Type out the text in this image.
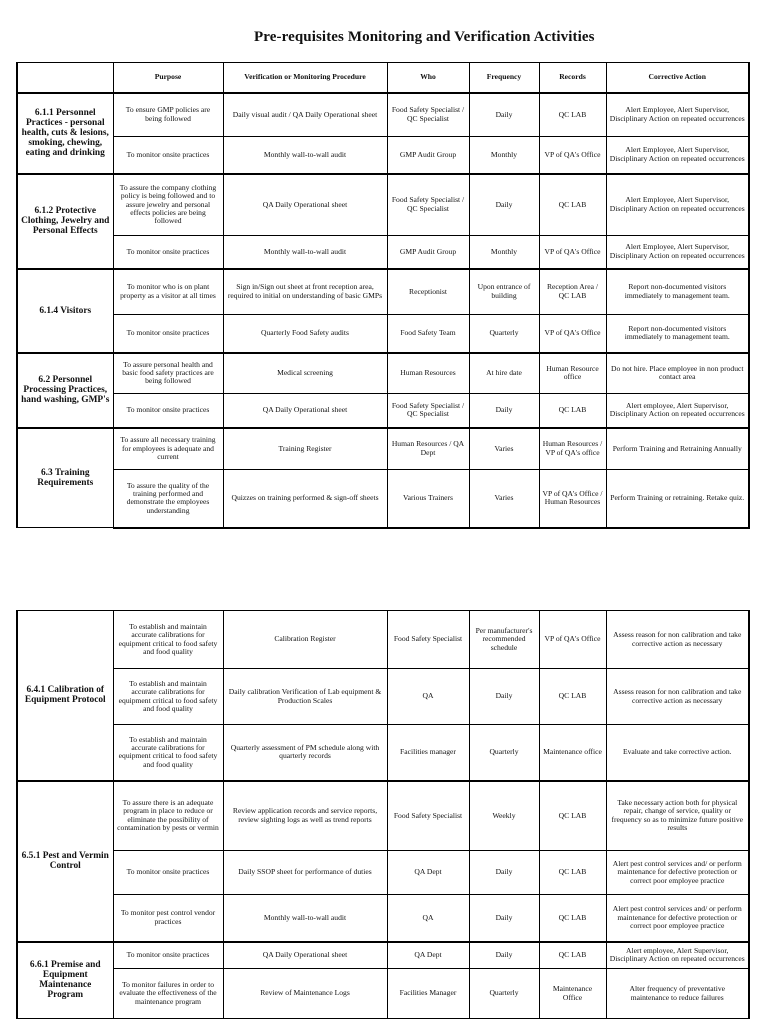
Pre-requisites Monitoring and Verification Activities
	Purpose	Verification or Monitoring Procedure	Who	Frequency	Records	Corrective Action
6.1.1 Personnel Practices - personal health, cuts & lesions, smoking, chewing, eating and drinking	To ensure GMP policies are being followed	Daily visual audit / QA Daily Operational sheet	Food Safety Specialist / QC Specialist	Daily	QC LAB	Alert Employee, Alert Supervisor, Disciplinary Action on repeated occurrences
	To monitor onsite practices	Monthly wall-to-wall audit	GMP Audit Group	Monthly	VP of QA's Office	Alert Employee, Alert Supervisor, Disciplinary Action on repeated occurrences
6.1.2 Protective Clothing, Jewelry and Personal Effects	To assure the company clothing policy is being followed and to assure jewelry and personal effects policies are being followed	QA Daily Operational sheet	Food Safety Specialist / QC Specialist	Daily	QC LAB	Alert Employee, Alert Supervisor, Disciplinary Action on repeated occurrences
	To monitor onsite practices	Monthly wall-to-wall audit	GMP Audit Group	Monthly	VP of QA's Office	Alert Employee, Alert Supervisor, Disciplinary Action on repeated occurrences
6.1.4 Visitors	To monitor who is on plant property as a visitor at all times	Sign in/Sign out sheet at front reception area, required to initial on understanding of basic GMPs	Receptionist	Upon entrance of building	Reception Area / QC LAB	Report non-documented visitors immediately to management team.
	To monitor onsite practices	Quarterly Food Safety audits	Food Safety Team	Quarterly	VP of QA's Office	Report non-documented visitors immediately to management team.
6.2 Personnel Processing Practices, hand washing, GMP's	To assure personal health and basic food safety practices are being followed	Medical screening	Human Resources	At hire date	Human Resource office	Do not hire. Place employee in non product contact area
	To monitor onsite practices	QA Daily Operational sheet	Food Safety Specialist / QC Specialist	Daily	QC LAB	Alert employee, Alert Supervisor, Disciplinary Action on repeated occurrences
6.3 Training Requirements	To assure all necessary training for employees is adequate and current	Training Register	Human Resources / QA Dept	Varies	Human Resources / VP of QA's office	Perform Training and Retraining Annually
	To assure the quality of the training performed and demonstrate the employees understanding	Quizzes on training performed & sign-off sheets	Various Trainers	Varies	VP of QA's Office / Human Resources	Perform Training or retraining. Retake quiz.
6.4.1 Calibration of Equipment Protocol	To establish and maintain accurate calibrations for equipment critical to food safety and food quality	Calibration Register	Food Safety Specialist	Per manufacturer's recommended schedule	VP of QA's Office	Assess reason for non calibration and take corrective action as necessary
	To establish and maintain accurate calibrations for equipment critical to food safety and food quality	Daily calibration Verification of Lab equipment & Production Scales	QA	Daily	QC LAB	Assess reason for non calibration and take corrective action as necessary
	To establish and maintain accurate calibrations for equipment critical to food safety and food quality	Quarterly assessment of PM schedule along with quarterly records	Facilities manager	Quarterly	Maintenance office	Evaluate and take corrective action.
6.5.1 Pest and Vermin Control	To assure there is an adequate program in place to reduce or eliminate the possibility of contamination by pests or vermin	Review application records and service reports, review sighting logs as well as trend reports	Food Safety Specialist	Weekly	QC LAB	Take necessary action both for physical repair, change of service, quality or frequency so as to minimize future positive results
	To monitor onsite practices	Daily SSOP sheet for performance of duties	QA Dept	Daily	QC LAB	Alert pest control services and/ or perform maintenance for defective protection or correct poor employee practice
	To monitor pest control vendor practices	Monthly wall-to-wall audit	QA	Daily	QC LAB	Alert pest control services and/ or perform maintenance for defective protection or correct poor employee practice
6.6.1 Premise and Equipment Maintenance Program	To monitor onsite practices	QA Daily Operational sheet	QA Dept	Daily	QC LAB	Alert employee, Alert Supervisor, Disciplinary Action on repeated occurrences
	To monitor failures in order to evaluate the effectiveness of the maintenance program	Review of Maintenance Logs	Facilities Manager	Quarterly	Maintenance Office	Alter frequency of preventative maintenance to reduce failures
